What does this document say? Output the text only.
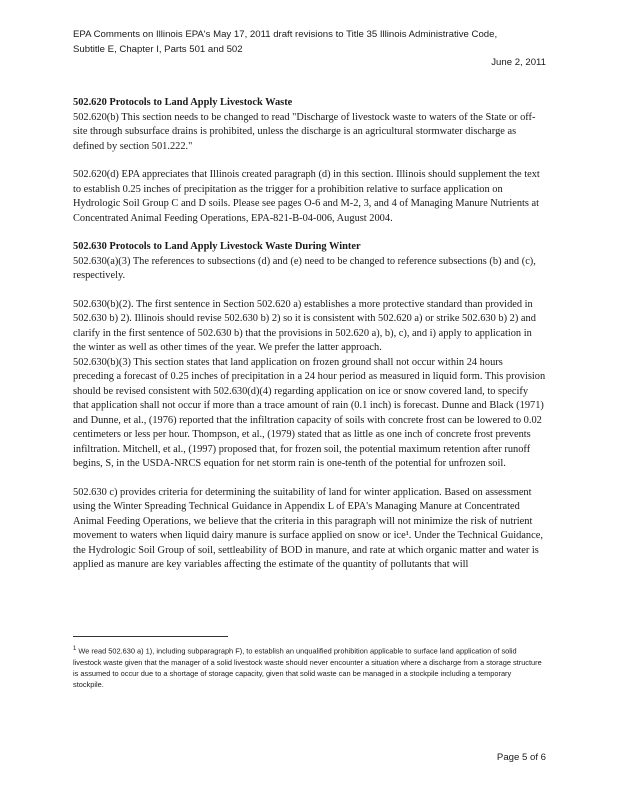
EPA Comments on Illinois EPA's May 17, 2011 draft revisions to Title 35 Illinois Administrative Code,
Subtitle E, Chapter I, Parts 501 and 502
June 2, 2011

502.620 Protocols to Land Apply Livestock Waste

502.620(b) This section needs to be changed to read "Discharge of livestock waste to waters of the State or off-site through subsurface drains is prohibited, unless the discharge is an agricultural stormwater discharge as defined by section 501.222."

502.620(d) EPA appreciates that Illinois created paragraph (d) in this section. Illinois should supplement the text to establish 0.25 inches of precipitation as the trigger for a prohibition relative to surface application on Hydrologic Soil Group C and D soils. Please see pages O-6 and M-2, 3, and 4 of Managing Manure Nutrients at Concentrated Animal Feeding Operations, EPA-821-B-04-006, August 2004.

502.630 Protocols to Land Apply Livestock Waste During Winter

502.630(a)(3) The references to subsections (d) and (e) need to be changed to reference subsections (b) and (c), respectively.

502.630(b)(2). The first sentence in Section 502.620 a) establishes a more protective standard than provided in 502.630 b) 2). Illinois should revise 502.630 b) 2) so it is consistent with 502.620 a) or strike 502.630 b) 2) and clarify in the first sentence of 502.630 b) that the provisions in 502.620 a), b), c), and i) apply to application in the winter as well as other times of the year. We prefer the latter approach.

502.630(b)(3) This section states that land application on frozen ground shall not occur within 24 hours preceding a forecast of 0.25 inches of precipitation in a 24 hour period as measured in liquid form. This provision should be revised consistent with 502.630(d)(4) regarding application on ice or snow covered land, to specify that application shall not occur if more than a trace amount of rain (0.1 inch) is forecast. Dunne and Black (1971) and Dunne, et al., (1976) reported that the infiltration capacity of soils with concrete frost can be lowered to 0.02 centimeters or less per hour. Thompson, et al., (1979) stated that as little as one inch of concrete frost prevents infiltration. Mitchell, et al., (1997) proposed that, for frozen soil, the potential maximum retention after runoff begins, S, in the USDA-NRCS equation for net storm rain is one-tenth of the potential for unfrozen soil.

502.630 c) provides criteria for determining the suitability of land for winter application. Based on assessment using the Winter Spreading Technical Guidance in Appendix L of EPA's Managing Manure at Concentrated Animal Feeding Operations, we believe that the criteria in this paragraph will not minimize the risk of nutrient movement to waters when liquid dairy manure is surface applied on snow or ice¹. Under the Technical Guidance, the Hydrologic Soil Group of soil, settleability of BOD in manure, and rate at which organic matter and water is applied as manure are key variables affecting the estimate of the quantity of pollutants that will

$^1$ We read 502.630 a) 1), including subparagraph F), to establish an unqualified prohibition applicable to surface land application of solid livestock waste given that the manager of a solid livestock waste should never encounter a situation where a discharge from a storage structure is assumed to occur due to a shortage of storage capacity, given that solid waste can be managed in a stockpile including a temporary stockpile.
Page 5 of 6
